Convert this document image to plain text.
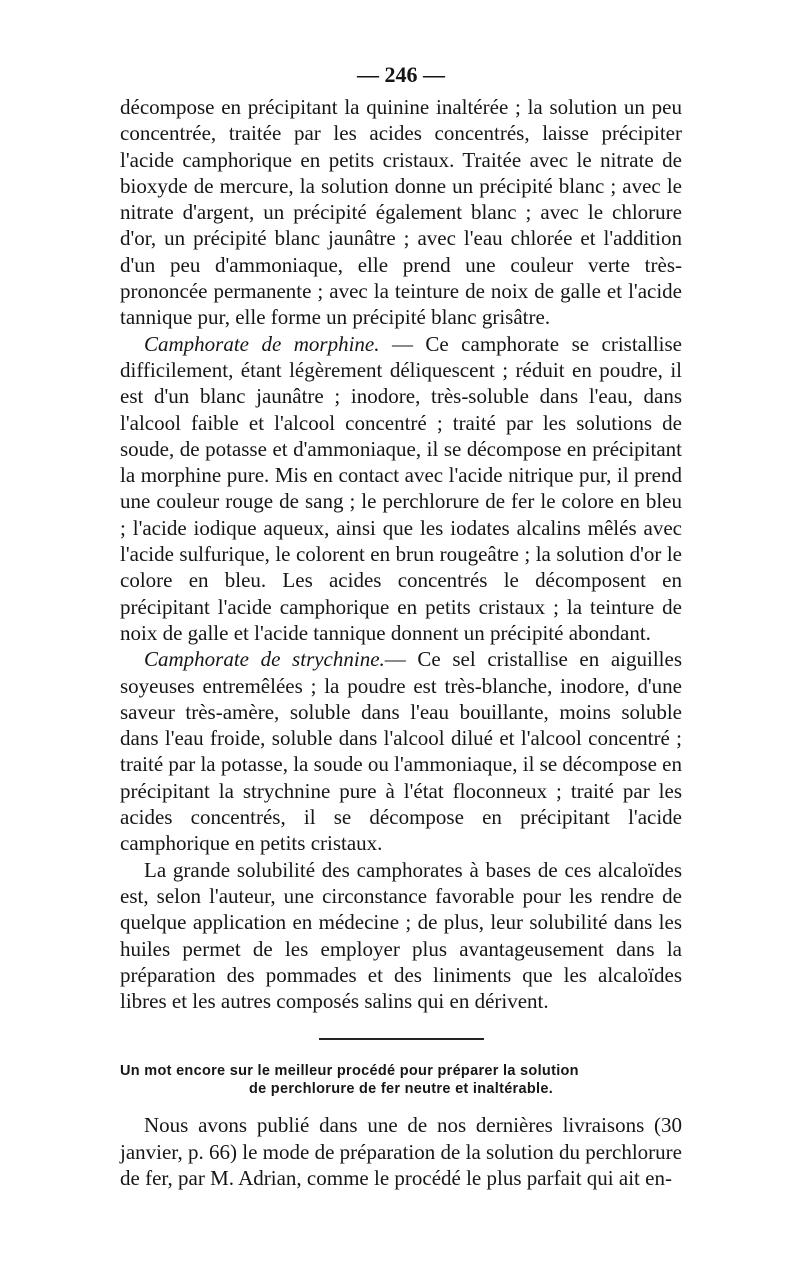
— 246 —

décompose en précipitant la quinine inaltérée ; la solution un peu concentrée, traitée par les acides concentrés, laisse précipiter l'acide camphorique en petits cristaux. Traitée avec le nitrate de bioxyde de mercure, la solution donne un précipité blanc ; avec le nitrate d'argent, un précipité également blanc ; avec le chlorure d'or, un précipité blanc jaunâtre ; avec l'eau chlorée et l'addition d'un peu d'ammoniaque, elle prend une couleur verte très-prononcée permanente ; avec la teinture de noix de galle et l'acide tannique pur, elle forme un précipité blanc grisâtre.

Camphorate de morphine. — Ce camphorate se cristallise difficilement, étant légèrement déliquescent ; réduit en poudre, il est d'un blanc jaunâtre ; inodore, très-soluble dans l'eau, dans l'alcool faible et l'alcool concentré ; traité par les solutions de soude, de potasse et d'ammoniaque, il se décompose en précipitant la morphine pure. Mis en contact avec l'acide nitrique pur, il prend une couleur rouge de sang ; le perchlorure de fer le colore en bleu ; l'acide iodique aqueux, ainsi que les iodates alcalins mêlés avec l'acide sulfurique, le colorent en brun rougeâtre ; la solution d'or le colore en bleu. Les acides concentrés le décomposent en précipitant l'acide camphorique en petits cristaux ; la teinture de noix de galle et l'acide tannique donnent un précipité abondant.

Camphorate de strychnine.— Ce sel cristallise en aiguilles soyeuses entremêlées ; la poudre est très-blanche, inodore, d'une saveur très-amère, soluble dans l'eau bouillante, moins soluble dans l'eau froide, soluble dans l'alcool dilué et l'alcool concentré ; traité par la potasse, la soude ou l'ammoniaque, il se décompose en précipitant la strychnine pure à l'état floconneux ; traité par les acides concentrés, il se décompose en précipitant l'acide camphorique en petits cristaux.

La grande solubilité des camphorates à bases de ces alcaloïdes est, selon l'auteur, une circonstance favorable pour les rendre de quelque application en médecine ; de plus, leur solubilité dans les huiles permet de les employer plus avantageusement dans la préparation des pommades et des liniments que les alcaloïdes libres et les autres composés salins qui en dérivent.

Un mot encore sur le meilleur procédé pour préparer la solution
de perchlorure de fer neutre et inaltérable.

Nous avons publié dans une de nos dernières livraisons (30 janvier, p. 66) le mode de préparation de la solution du perchlorure de fer, par M. Adrian, comme le procédé le plus parfait qui ait en-
